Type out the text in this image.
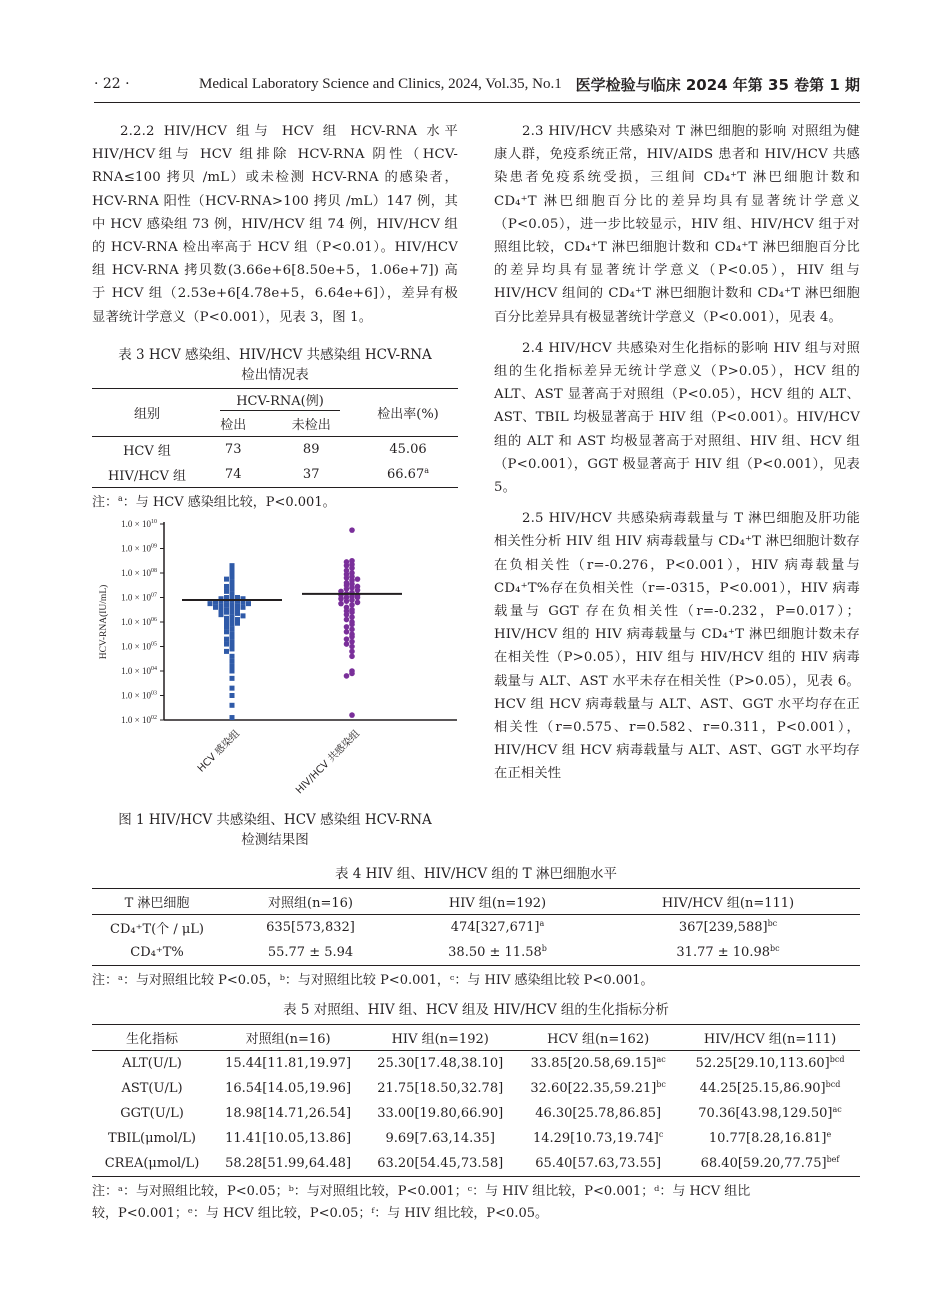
· 22 ·	Medical Laboratory Science and Clinics, 2024, Vol.35, No.1 医学检验与临床 2024 年第 35 卷第 1 期

2.2.2 HIV/HCV 组与 HCV 组 HCV-RNA 水平 HIV/HCV组与 HCV 组排除 HCV-RNA 阴性（HCV-RNA≤100 拷贝 /mL）或未检测 HCV-RNA 的感染者，HCV-RNA 阳性（HCV-RNA>100 拷贝 /mL）147 例，其中 HCV 感染组 73 例，HIV/HCV 组 74 例，HIV/HCV 组的 HCV-RNA 检出率高于 HCV 组（P<0.01）。HIV/HCV 组 HCV-RNA 拷贝数(3.66e+6[8.50e+5，1.06e+7]) 高于 HCV 组（2.53e+6[4.78e+5，6.64e+6]），差异有极显著统计学意义（P<0.001），见表 3，图 1。

表 3 HCV 感染组、HIV/HCV 共感染组 HCV-RNA
检出情况表
组别	HCV-RNA(例)		检出率(%)
	检出	未检出	
HCV 组	73	89	45.06
HIV/HCV 组	74	37	66.67$^a$
注：$^a$：与 HCV 感染组比较，P<0.001。
$1.0 \times 10^{02}$
$1.0 \times 10^{03}$
$1.0 \times 10^{04}$
$1.0 \times 10^{05}$
$1.0 \times 10^{06}$
$1.0 \times 10^{07}$
$1.0 \times 10^{08}$
$1.0 \times 10^{09}$
$1.0 \times 10^{10}$
HCV-RNA(IU/mL)
HCV 感染组	HIV/HCV 共感染组
图 1 HIV/HCV 共感染组、HCV 感染组 HCV-RNA
检测结果图

2.3 HIV/HCV 共感染对 T 淋巴细胞的影响 对照组为健康人群，免疫系统正常，HIV/AIDS 患者和 HIV/HCV 共感染患者免疫系统受损，三组间 CD₄⁺T 淋巴细胞计数和 CD₄⁺T 淋巴细胞百分比的差异均具有显著统计学意义（P<0.05），进一步比较显示，HIV 组、HIV/HCV 组于对照组比较，CD₄⁺T 淋巴细胞计数和 CD₄⁺T 淋巴细胞百分比的差异均具有显著统计学意义（P<0.05），HIV 组与 HIV/HCV 组间的 CD₄⁺T 淋巴细胞计数和 CD₄⁺T 淋巴细胞百分比差异具有极显著统计学意义（P<0.001），见表 4。

2.4 HIV/HCV 共感染对生化指标的影响 HIV 组与对照组的生化指标差异无统计学意义（P>0.05），HCV 组的 ALT、AST 显著高于对照组（P<0.05），HCV 组的 ALT、AST、TBIL 均极显著高于 HIV 组（P<0.001）。HIV/HCV 组的 ALT 和 AST 均极显著高于对照组、HIV 组、HCV 组（P<0.001），GGT 极显著高于 HIV 组（P<0.001），见表 5。

2.5 HIV/HCV 共感染病毒载量与 T 淋巴细胞及肝功能相关性分析 HIV 组 HIV 病毒载量与 CD₄⁺T 淋巴细胞计数存在负相关性（r=-0.276，P<0.001），HIV 病毒载量与 CD₄⁺T%存在负相关性（r=-0315，P<0.001），HIV 病毒载量与 GGT 存在负相关性（r=-0.232，P=0.017）；HIV/HCV 组的 HIV 病毒载量与 CD₄⁺T 淋巴细胞计数未存在相关性（P>0.05），HIV 组与 HIV/HCV 组的 HIV 病毒载量与 ALT、AST 水平未存在相关性（P>0.05），见表 6。HCV 组 HCV 病毒载量与 ALT、AST、GGT 水平均存在正相关性（r=0.575、r=0.582、r=0.311，P<0.001），HIV/HCV 组 HCV 病毒载量与 ALT、AST、GGT 水平均存在正相关性

表 4 HIV 组、HIV/HCV 组的 T 淋巴细胞水平
T 淋巴细胞	对照组(n=16)	HIV 组(n=192)	HIV/HCV 组(n=111)
CD₄⁺T(个 / μL)	635[573,832]	$474[327,671]^a$	$367[239,588]^{bc}$
CD₄⁺T%	55.77 ± 5.94	38.50 ± 11.58$^b$	31.77 ± 10.98$^{bc}$
注：ᵃ：与对照组比较 P<0.05，ᵇ：与对照组比较 P<0.001，ᶜ：与 HIV 感染组比较 P<0.001。
表 5 对照组、HIV 组、HCV 组及 HIV/HCV 组的生化指标分析
生化指标	对照组(n=16)	HIV 组(n=192)	HCV 组(n=162)	HIV/HCV 组(n=111)
ALT(U/L)	15.44[11.81,19.97]	25.30[17.48,38.10]	$33.85[20.58,69.15]^{ac}$	$52.25[29.10,113.60]^{bcd}$
AST(U/L)	16.54[14.05,19.96]	21.75[18.50,32.78]	$32.60[22.35,59.21]^{bc}$	$44.25[25.15,86.90]^{bcd}$
GGT(U/L)	18.98[14.71,26.54]	33.00[19.80,66.90]	46.30[25.78,86.85]	$70.36[43.98,129.50]^{ac}$
TBIL(μmol/L)	11.41[10.05,13.86]	9.69[7.63,14.35]	$14.29[10.73,19.74]^c$	$10.77[8.28,16.81]^e$
CREA(μmol/L)	58.28[51.99,64.48]	63.20[54.45,73.58]	65.40[57.63,73.55]	$68.40[59.20,77.75]^{bef}$
注：ᵃ：与对照组比较，P<0.05；ᵇ：与对照组比较，P<0.001；ᶜ：与 HIV 组比较，P<0.001；ᵈ：与 HCV 组比
较，P<0.001；ᵉ：与 HCV 组比较，P<0.05；ᶠ：与 HIV 组比较，P<0.05。
